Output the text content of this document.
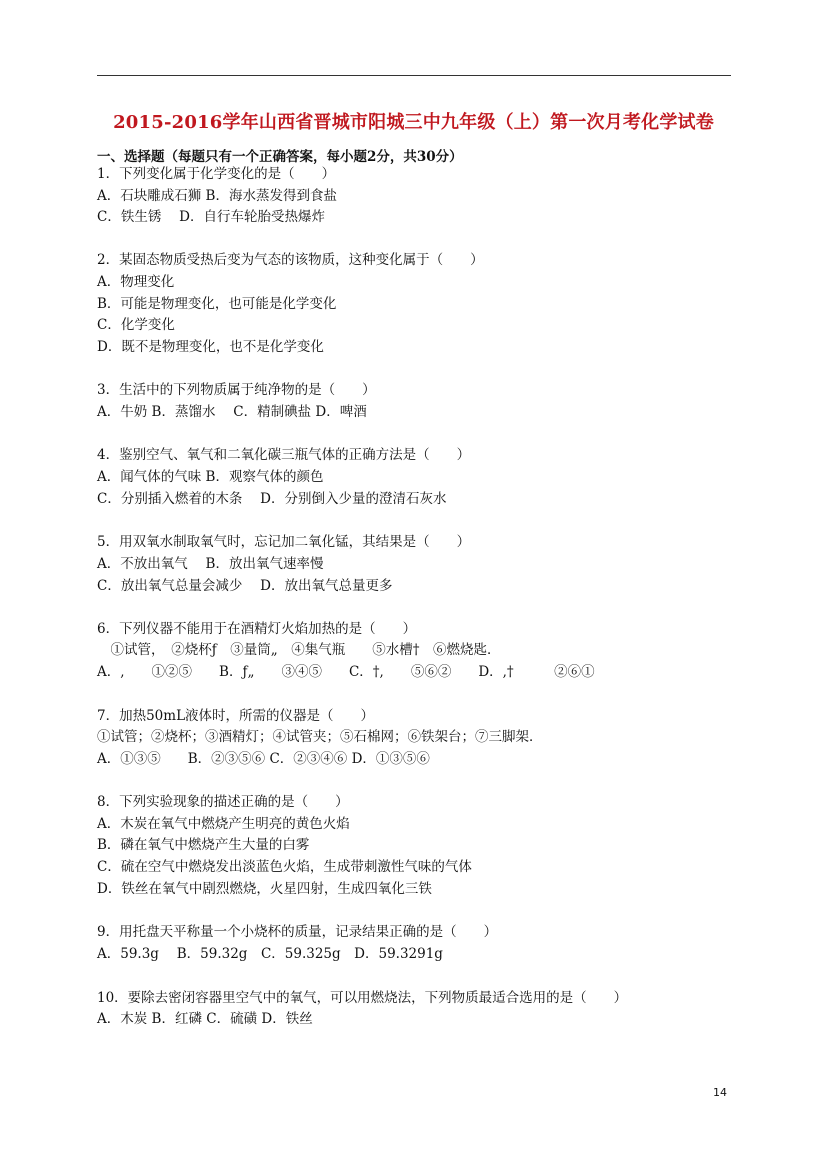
2015-2016学年山西省晋城市阳城三中九年级（上）第一次月考化学试卷
一、选择题（每题只有一个正确答案，每小题2分，共30分）
1．下列变化属于化学变化的是（　　）
A．石块雕成石狮 B．海水蒸发得到食盐
C．铁生锈　 D．自行车轮胎受热爆炸
2．某固态物质受热后变为气态的该物质，这种变化属于（　　）
A．物理变化
B．可能是物理变化，也可能是化学变化
C．化学变化
D．既不是物理变化，也不是化学变化
3．生活中的下列物质属于纯净物的是（　　）
A．牛奶 B．蒸馏水　 C．精制碘盐 D．啤酒
4．鉴别空气、氧气和二氧化碳三瓶气体的正确方法是（　　）
A．闻气体的气味 B．观察气体的颜色
C．分别插入燃着的木条　 D．分别倒入少量的澄清石灰水
5．用双氧水制取氧气时，忘记加二氧化锰，其结果是（　　）
A．不放出氧气　 B．放出氧气速率慢
C．放出氧气总量会减少　 D．放出氧气总量更多
6．下列仪器不能用于在酒精灯火焰加热的是（　　）
　①试管，　②烧杯ƒ　③量筒„　④集气瓶　　⑤水槽†　⑥燃烧匙．
A．,　　①②⑤　　B．ƒ„　　③④⑤　　C．†,　　⑤⑥②　　D．,†　　　②⑥①
7．加热50mL液体时，所需的仪器是（　　）
①试管；②烧杯；③酒精灯；④试管夹；⑤石棉网；⑥铁架台；⑦三脚架．
A．①③⑤　　B．②③⑤⑥ C．②③④⑥ D．①③⑤⑥
8．下列实验现象的描述正确的是（　　）
A．木炭在氧气中燃烧产生明亮的黄色火焰
B．磷在氧气中燃烧产生大量的白雾
C．硫在空气中燃烧发出淡蓝色火焰，生成带刺激性气味的气体
D．铁丝在氧气中剧烈燃烧，火星四射，生成四氧化三铁
9．用托盘天平称量一个小烧杯的质量，记录结果正确的是（　　）
A．59.3g　 B．59.32g　C．59.325g　D．59.3291g
10．要除去密闭容器里空气中的氧气，可以用燃烧法，下列物质最适合选用的是（　　）
A．木炭 B．红磷 C．硫磺 D．铁丝
14
